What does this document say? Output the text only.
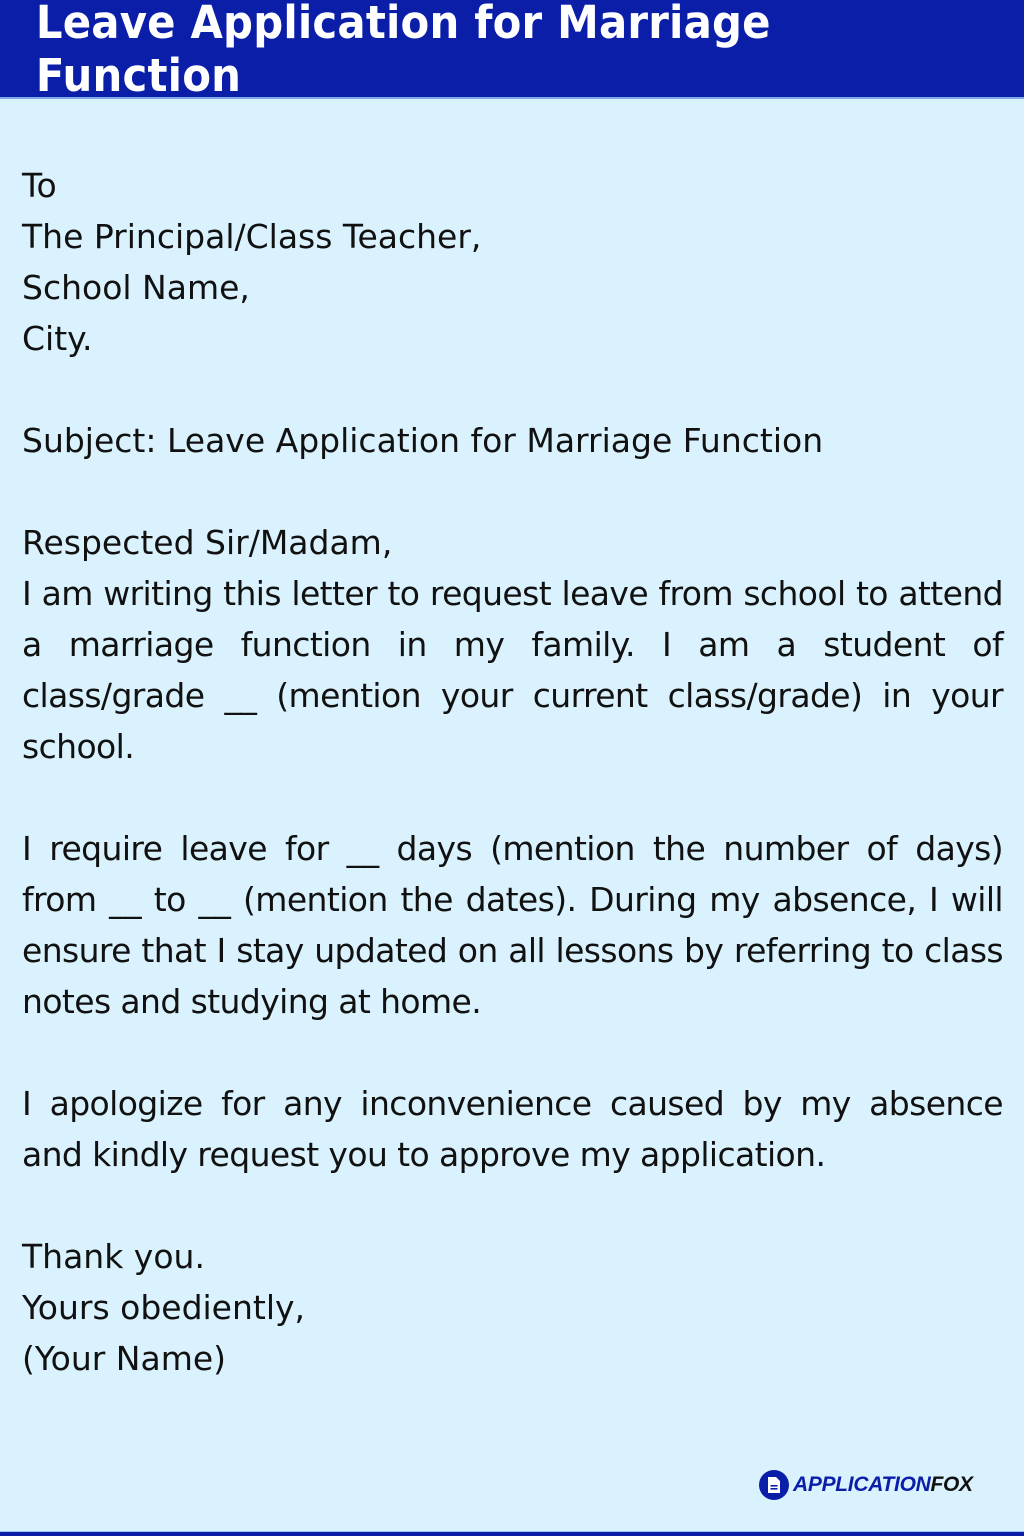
Leave Application for Marriage Function
To
The Principal/Class Teacher,
School Name,
City.
Subject: Leave Application for Marriage Function
Respected Sir/Madam,
I am writing this letter to request leave from school to attend a marriage function in my family. I am a student of class/grade __ (mention your current class/grade) in your school.
I require leave for __ days (mention the number of days) from __ to __ (mention the dates). During my absence, I will ensure that I stay updated on all lessons by referring to class notes and studying at home.
I apologize for any inconvenience caused by my absence and kindly request you to approve my application.
Thank you.
Yours obediently,
(Your Name)
APPLICATIONFOX
